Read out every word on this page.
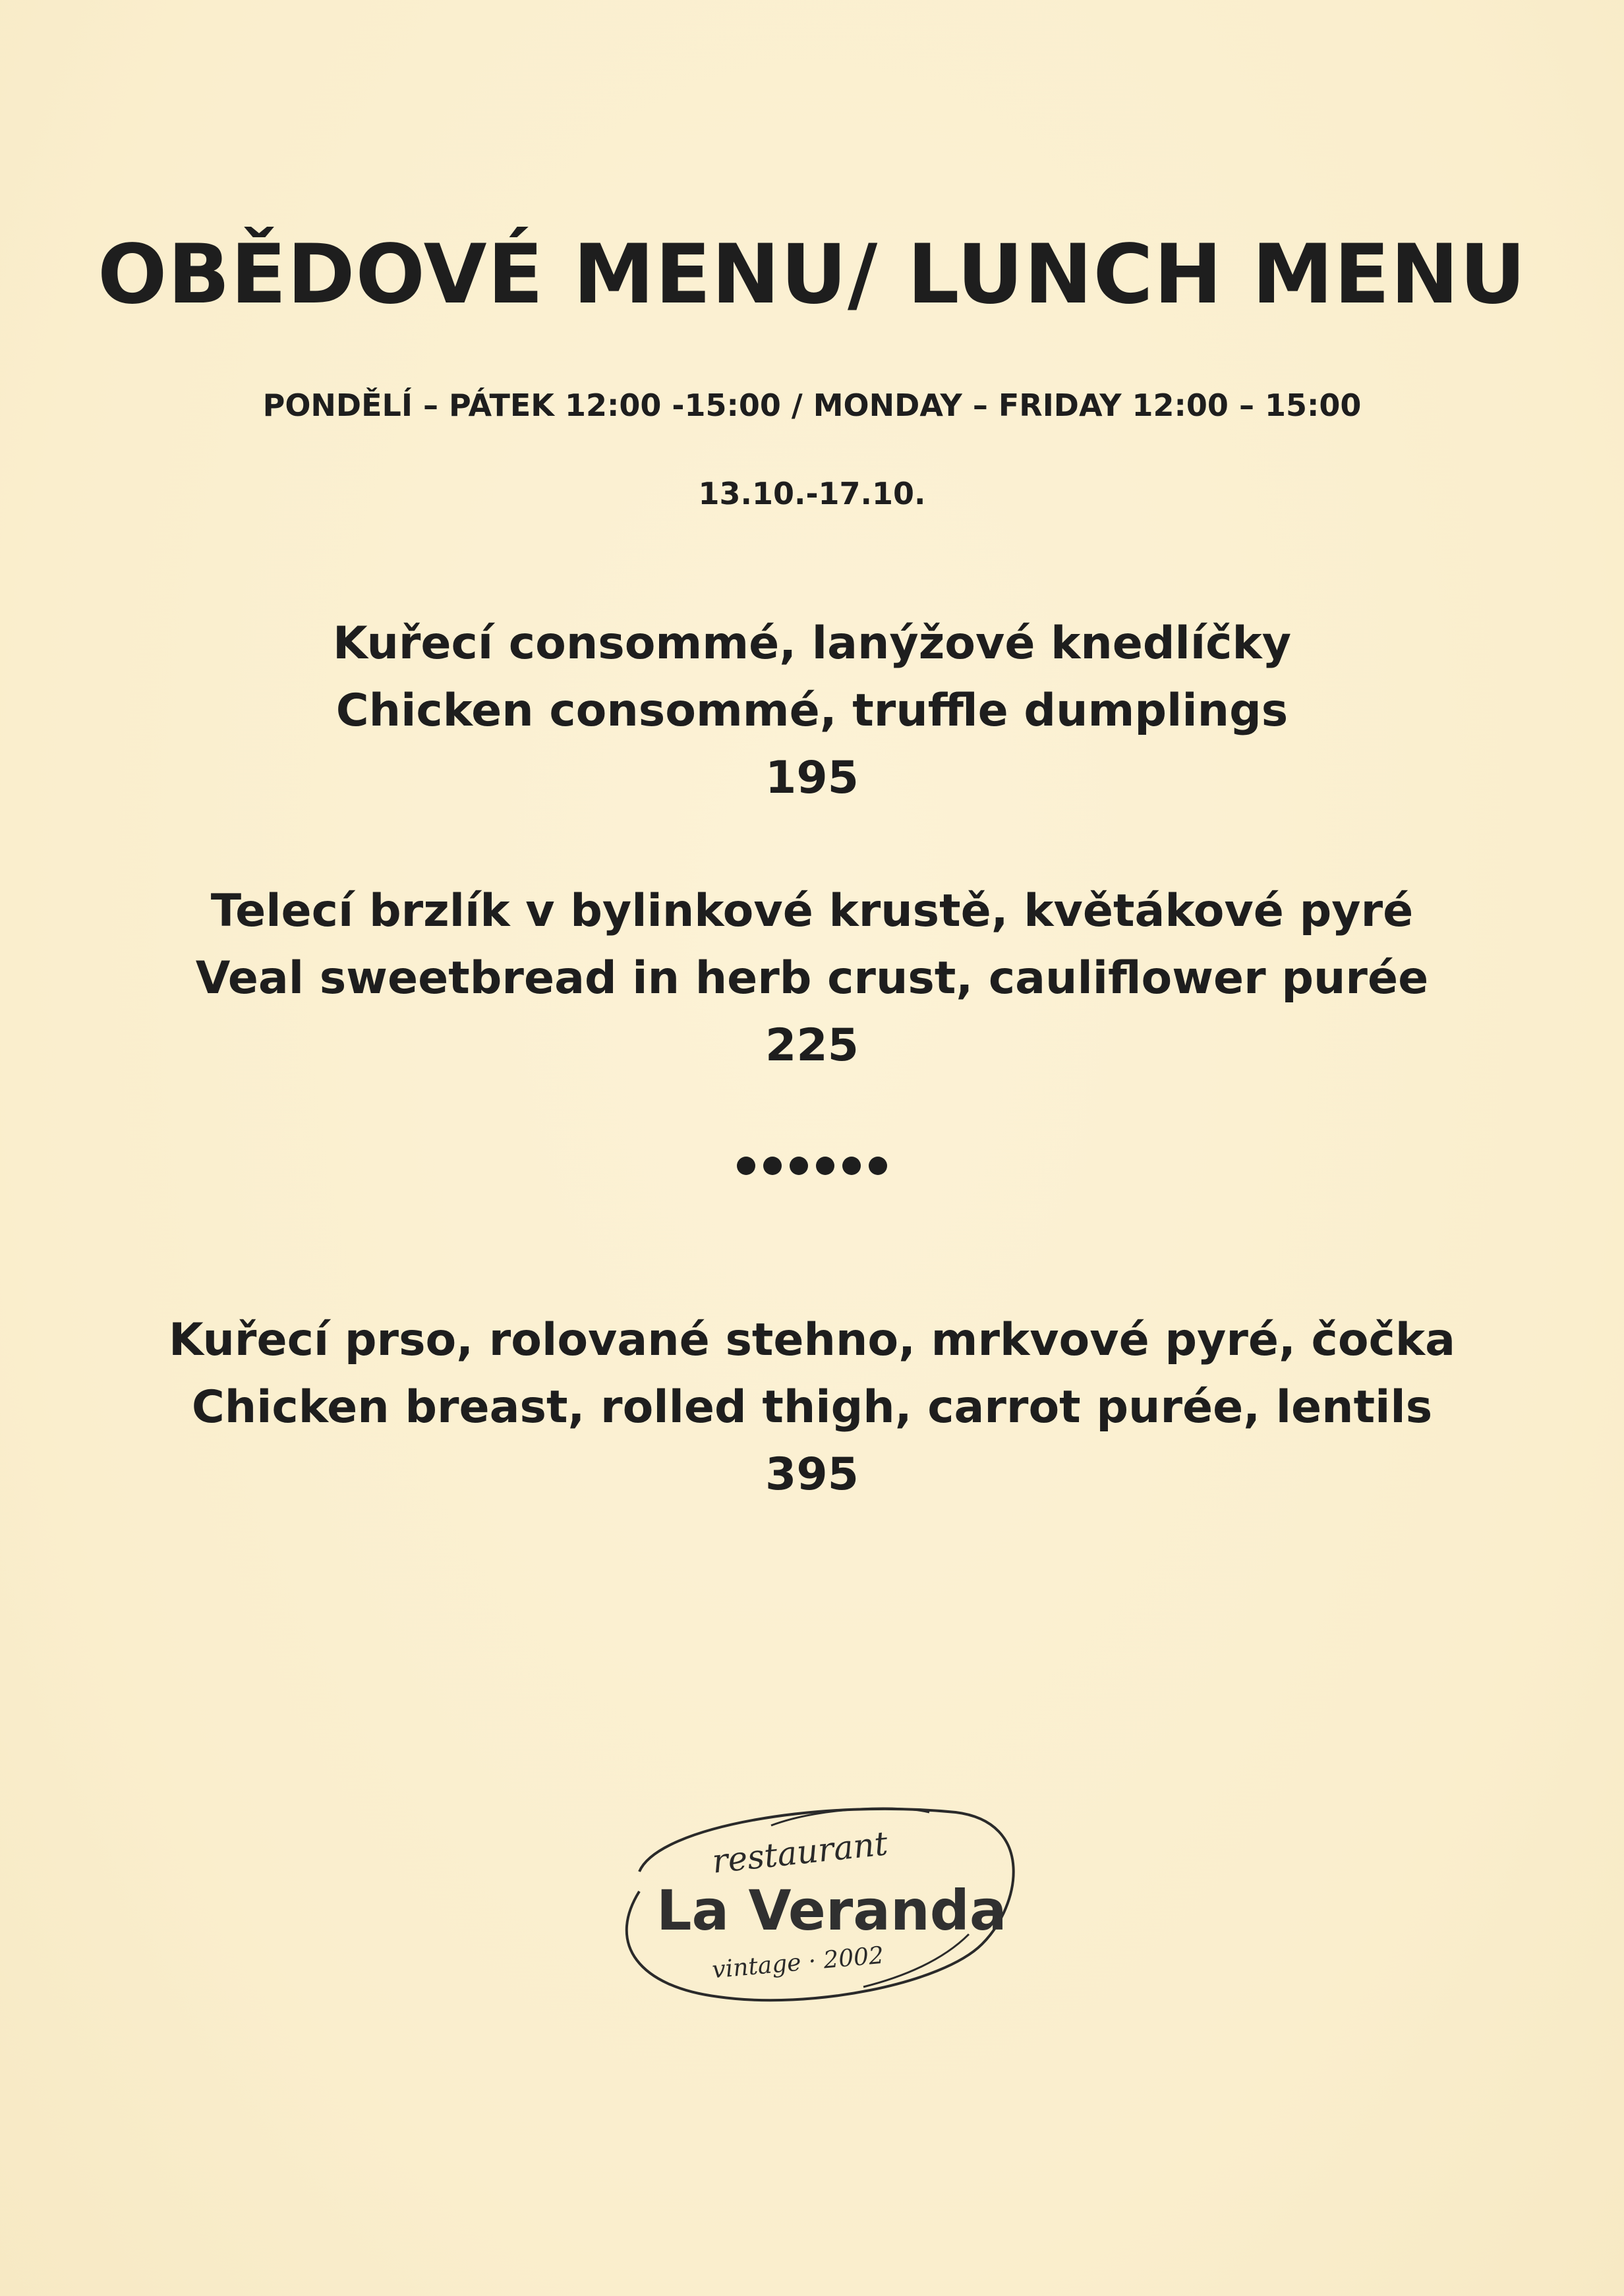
OBĚDOVÉ MENU/ LUNCH MENU
PONDĚLÍ – PÁTEK 12:00 -15:00 / MONDAY – FRIDAY 12:00 – 15:00
13.10.-17.10.
Kuřecí consommé, lanýžové knedlíčky
Chicken consommé, truffle dumplings
195
Telecí brzlík v bylinkové krustě, květákové pyré
Veal sweetbread in herb crust, cauliflower purée
225
Kuřecí prso, rolované stehno, mrkvové pyré, čočka
Chicken breast, rolled thigh, carrot purée, lentils
395
restaurant
La Veranda
vintage · 2002
